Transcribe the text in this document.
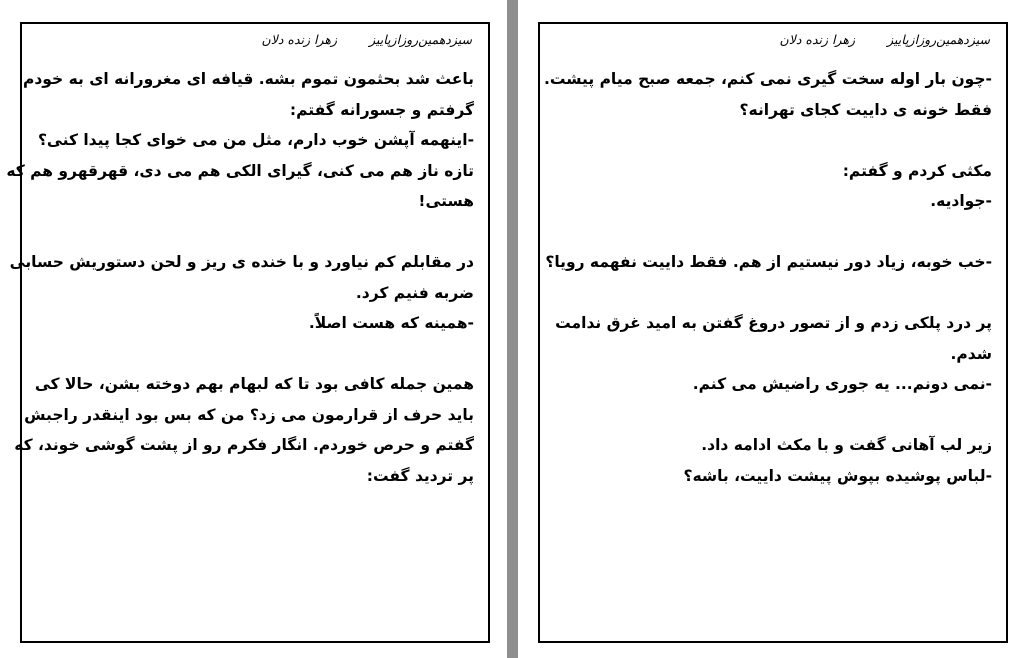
سیزدهمین‌روزازپاییز
زهرا زنده دلان
باعث شد بحثمون تموم بشه. قیافه ای مغرورانه ای به خودم
گرفتم و جسورانه گفتم:
-اینهمه آپشن خوب دارم، مثل من می خوای کجا پیدا کنی؟
تازه ناز هم می کنی، گیرای الکی هم می دی، قهرقهرو هم که
هستی!
در مقابلم کم نیاورد و با خنده ی ریز و لحن دستوریش حسابی
ضربه فنیم کرد.
-همینه که هست اصلاً.
همین جمله کافی بود تا که لبهام بهم دوخته بشن، حالا کی
باید حرف از قرارمون می زد؟ من که بس بود اینقدر راجبش
گفتم و حرص خوردم. انگار فکرم رو از پشت گوشی خوند، که
پر تردید گفت:
سیزدهمین‌روزازپاییز
زهرا زنده دلان
-چون بار اوله سخت گیری نمی کنم، جمعه صبح میام پیشت.
فقط خونه ی داییت کجای تهرانه؟
مکثی کردم و گفتم:
-جوادیه.
-خب خوبه، زیاد دور نیستیم از هم. فقط داییت نفهمه رویا؟
پر درد پلکی زدم و از تصور دروغ گفتن به امید غرق ندامت
شدم.
-نمی دونم... یه جوری راضیش می کنم.
زیر لب آهانی گفت و با مکث ادامه داد.
-لباس پوشیده بپوش پیشت داییت، باشه؟
